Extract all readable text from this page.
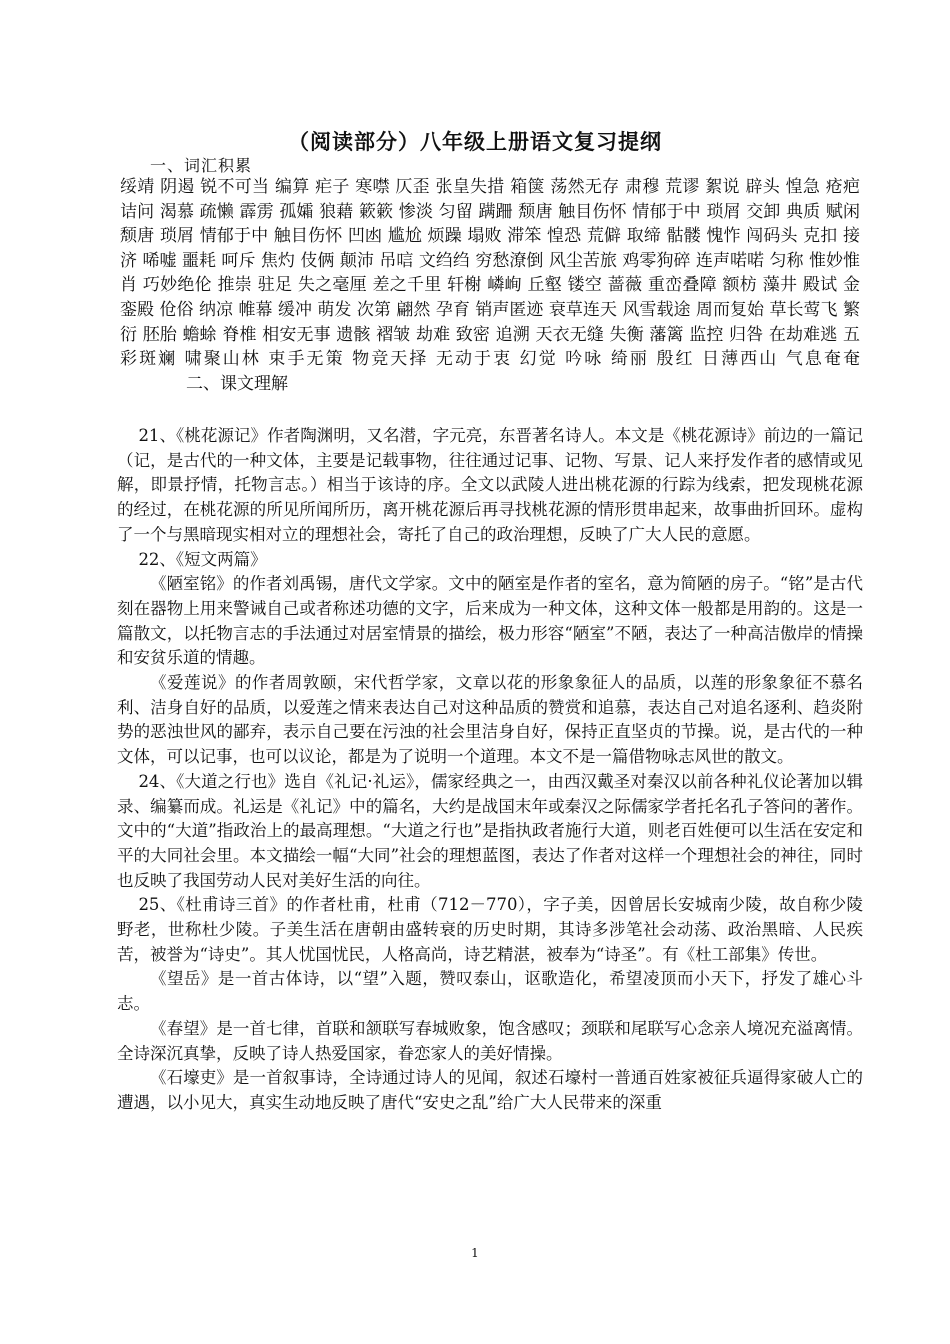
（阅读部分）八年级上册语文复习提纲
一、词汇积累
绥靖 阴遏 锐不可当 编算 疟子 寒噤 仄歪 张皇失措 箱箧 荡然无存 肃穆 荒谬 絮说 辟头 惶急 疮疤 诘问 渴慕 疏懒 霹雳 孤孀 狼藉 簌簌 惨淡 匀留 蹒跚 颓唐 触目伤怀 情郁于中 琐屑 交卸 典质 赋闲 颓唐 琐屑 情郁于中 触目伤怀 凹凼 尴尬 烦躁 塌败 滞笨 惶恐 荒僻 取缔 骷髅 愧怍 闯码头 克扣 接济 唏嘘 噩耗 呵斥 焦灼 伎俩 颠沛 吊唁 文绉绉 穷愁潦倒 风尘苦旅 鸡零狗碎 连声喏喏 匀称 惟妙惟肖 巧妙绝伦 推崇 驻足 失之毫厘 差之千里 轩榭 嶙峋 丘壑 镂空 蔷薇 重峦叠障 额枋 藻井 殿试 金銮殿 伧俗 纳凉 帷幕 缓冲 萌发 次第 翩然 孕育 销声匿迹 衰草连天 风雪载途 周而复始 草长莺飞 繁衍 胚胎 蟾蜍 脊椎 相安无事 遗骸 褶皱 劫难 致密 追溯 天衣无缝 失衡 藩篱 监控 归咎 在劫难逃 五彩斑斓 啸聚山林 束手无策 物竞天择 无动于衷 幻觉 吟咏 绮丽 殷红 日薄西山 气息奄奄二、课文理解

21、《桃花源记》作者陶渊明，又名潜，字元亮，东晋著名诗人。本文是《桃花源诗》前边的一篇记（记，是古代的一种文体，主要是记载事物，往往通过记事、记物、写景、记人来抒发作者的感情或见解，即景抒情，托物言志。）相当于该诗的序。全文以武陵人进出桃花源的行踪为线索，把发现桃花源的经过，在桃花源的所见所闻所历，离开桃花源后再寻找桃花源的情形贯串起来，故事曲折回环。虚构了一个与黑暗现实相对立的理想社会，寄托了自己的政治理想，反映了广大人民的意愿。

22、《短文两篇》

《陋室铭》的作者刘禹锡，唐代文学家。文中的陋室是作者的室名，意为简陋的房子。“铭”是古代刻在器物上用来警诫自己或者称述功德的文字，后来成为一种文体，这种文体一般都是用韵的。这是一篇散文，以托物言志的手法通过对居室情景的描绘，极力形容“陋室”不陋，表达了一种高洁傲岸的情操和安贫乐道的情趣。

《爱莲说》的作者周敦颐，宋代哲学家，文章以花的形象象征人的品质，以莲的形象象征不慕名利、洁身自好的品质，以爱莲之情来表达自己对这种品质的赞赏和追慕，表达自己对追名逐利、趋炎附势的恶浊世风的鄙弃，表示自己要在污浊的社会里洁身自好，保持正直坚贞的节操。说，是古代的一种文体，可以记事，也可以议论，都是为了说明一个道理。本文不是一篇借物咏志风世的散文。

24、《大道之行也》选自《礼记·礼运》，儒家经典之一，由西汉戴圣对秦汉以前各种礼仪论著加以辑录、编纂而成。礼运是《礼记》中的篇名，大约是战国末年或秦汉之际儒家学者托名孔子答问的著作。文中的“大道”指政治上的最高理想。“大道之行也”是指执政者施行大道，则老百姓便可以生活在安定和平的大同社会里。本文描绘一幅“大同”社会的理想蓝图，表达了作者对这样一个理想社会的神往，同时也反映了我国劳动人民对美好生活的向往。

25、《杜甫诗三首》的作者杜甫，杜甫（712－770），字子美，因曾居长安城南少陵，故自称少陵野老，世称杜少陵。子美生活在唐朝由盛转衰的历史时期，其诗多涉笔社会动荡、政治黑暗、人民疾苦，被誉为“诗史”。其人忧国忧民，人格高尚，诗艺精湛，被奉为“诗圣”。有《杜工部集》传世。

《望岳》是一首古体诗，以“望”入题，赞叹泰山，讴歌造化，希望凌顶而小天下，抒发了雄心斗志。

《春望》是一首七律，首联和颔联写春城败象，饱含感叹；颈联和尾联写心念亲人境况充溢离情。全诗深沉真挚，反映了诗人热爱国家，眷恋家人的美好情操。

《石壕吏》是一首叙事诗，全诗通过诗人的见闻，叙述石壕村一普通百姓家被征兵逼得家破人亡的遭遇，以小见大，真实生动地反映了唐代“安史之乱”给广大人民带来的深重

1
